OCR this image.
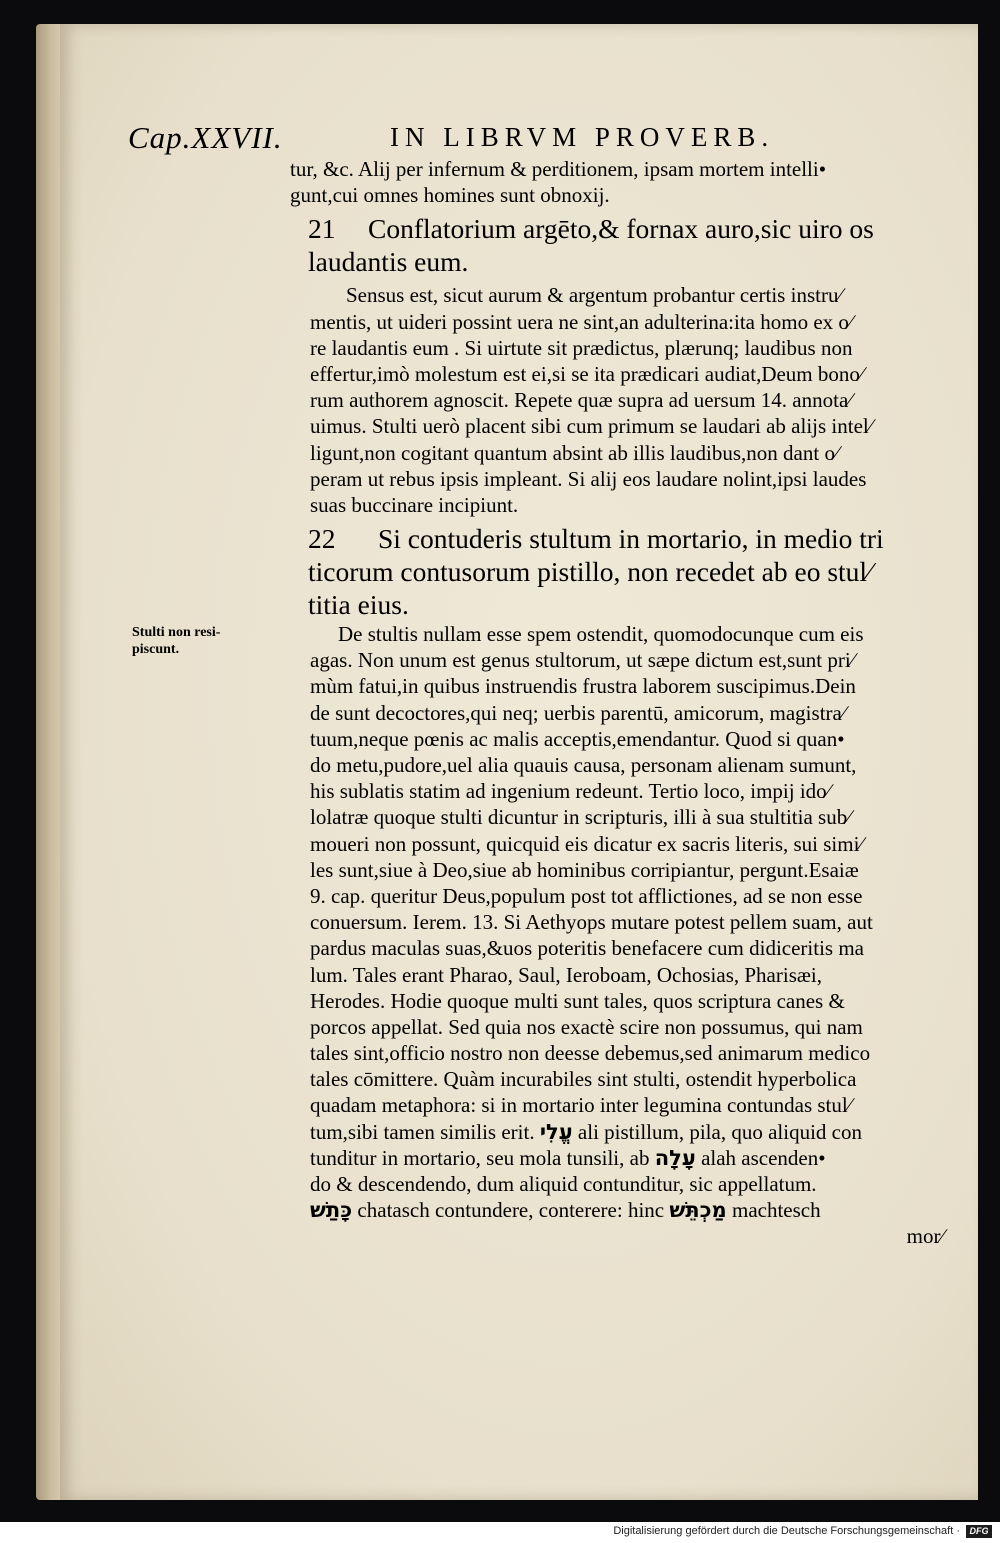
Cap.XXVII.	IN LIBRVM PROVERB.
Stulti non resi-
piscunt.
tur, &c. Alij per infernum & perditionem, ipsam mortem intelli•
gunt,cui omnes homines sunt obnoxij.
21	Conflatorium argēto,& fornax auro,sic uiro os
laudantis eum.
Sensus est, sicut aurum & argentum probantur certis instru∕
mentis, ut uideri possint uera ne sint,an adulterina:ita homo ex o∕
re laudantis eum . Si uirtute sit prædictus, plærunq; laudibus non
effertur,imò molestum est ei,si se ita prædicari audiat,Deum bono∕
rum authorem agnoscit. Repete quæ supra ad uersum 14. annota∕
uimus. Stulti uerò placent sibi cum primum se laudari ab alijs intel∕
ligunt,non cogitant quantum absint ab illis laudibus,non dant o∕
peram ut rebus ipsis impleant. Si alij eos laudare nolint,ipsi laudes
suas buccinare incipiunt.
22	Si contuderis stultum in mortario, in medio tri
ticorum contusorum pistillo, non recedet ab eo stul∕
titia eius.
De stultis nullam esse spem ostendit, quomodocunque cum eis
agas. Non unum est genus stultorum, ut sæpe dictum est,sunt pri∕
mùm fatui,in quibus instruendis frustra laborem suscipimus.Dein
de sunt decoctores,qui neq; uerbis parentū, amicorum, magistra∕
tuum,neque pœnis ac malis acceptis,emendantur. Quod si quan•
do metu,pudore,uel alia quauis causa, personam alienam sumunt,
his sublatis statim ad ingenium redeunt. Tertio loco, impij ido∕
lolatræ quoque stulti dicuntur in scripturis, illi à sua stultitia sub∕
moueri non possunt, quicquid eis dicatur ex sacris literis, sui simi∕
les sunt,siue à Deo,siue ab hominibus corripiantur, pergunt.Esaiæ
9. cap. queritur Deus,populum post tot afflictiones, ad se non esse
conuersum. Ierem. 13. Si Aethyops mutare potest pellem suam, aut
pardus maculas suas,&uos poteritis benefacere cum didiceritis ma
lum. Tales erant Pharao, Saul, Ieroboam, Ochosias, Pharisæi,
Herodes. Hodie quoque multi sunt tales, quos scriptura canes &
porcos appellat. Sed quia nos exactè scire non possumus, qui nam
tales sint,officio nostro non deesse debemus,sed animarum medico
tales cōmittere. Quàm incurabiles sint stulti, ostendit hyperbolica
quadam metaphora: si in mortario inter legumina contundas stul∕
tum,sibi tamen similis erit. עֱלִי ali pistillum, pila, quo aliquid con
tunditur in mortario, seu mola tunsili, ab עָלָה alah ascenden•
do & descendendo, dum aliquid contunditur, sic appellatum.
כָּתַשׁ chatasch contundere, conterere: hinc מַכְתֵּשׁ machtesch
mor∕
Digitalisierung gefördert durch die Deutsche Forschungsgemeinschaft ·	DFG
